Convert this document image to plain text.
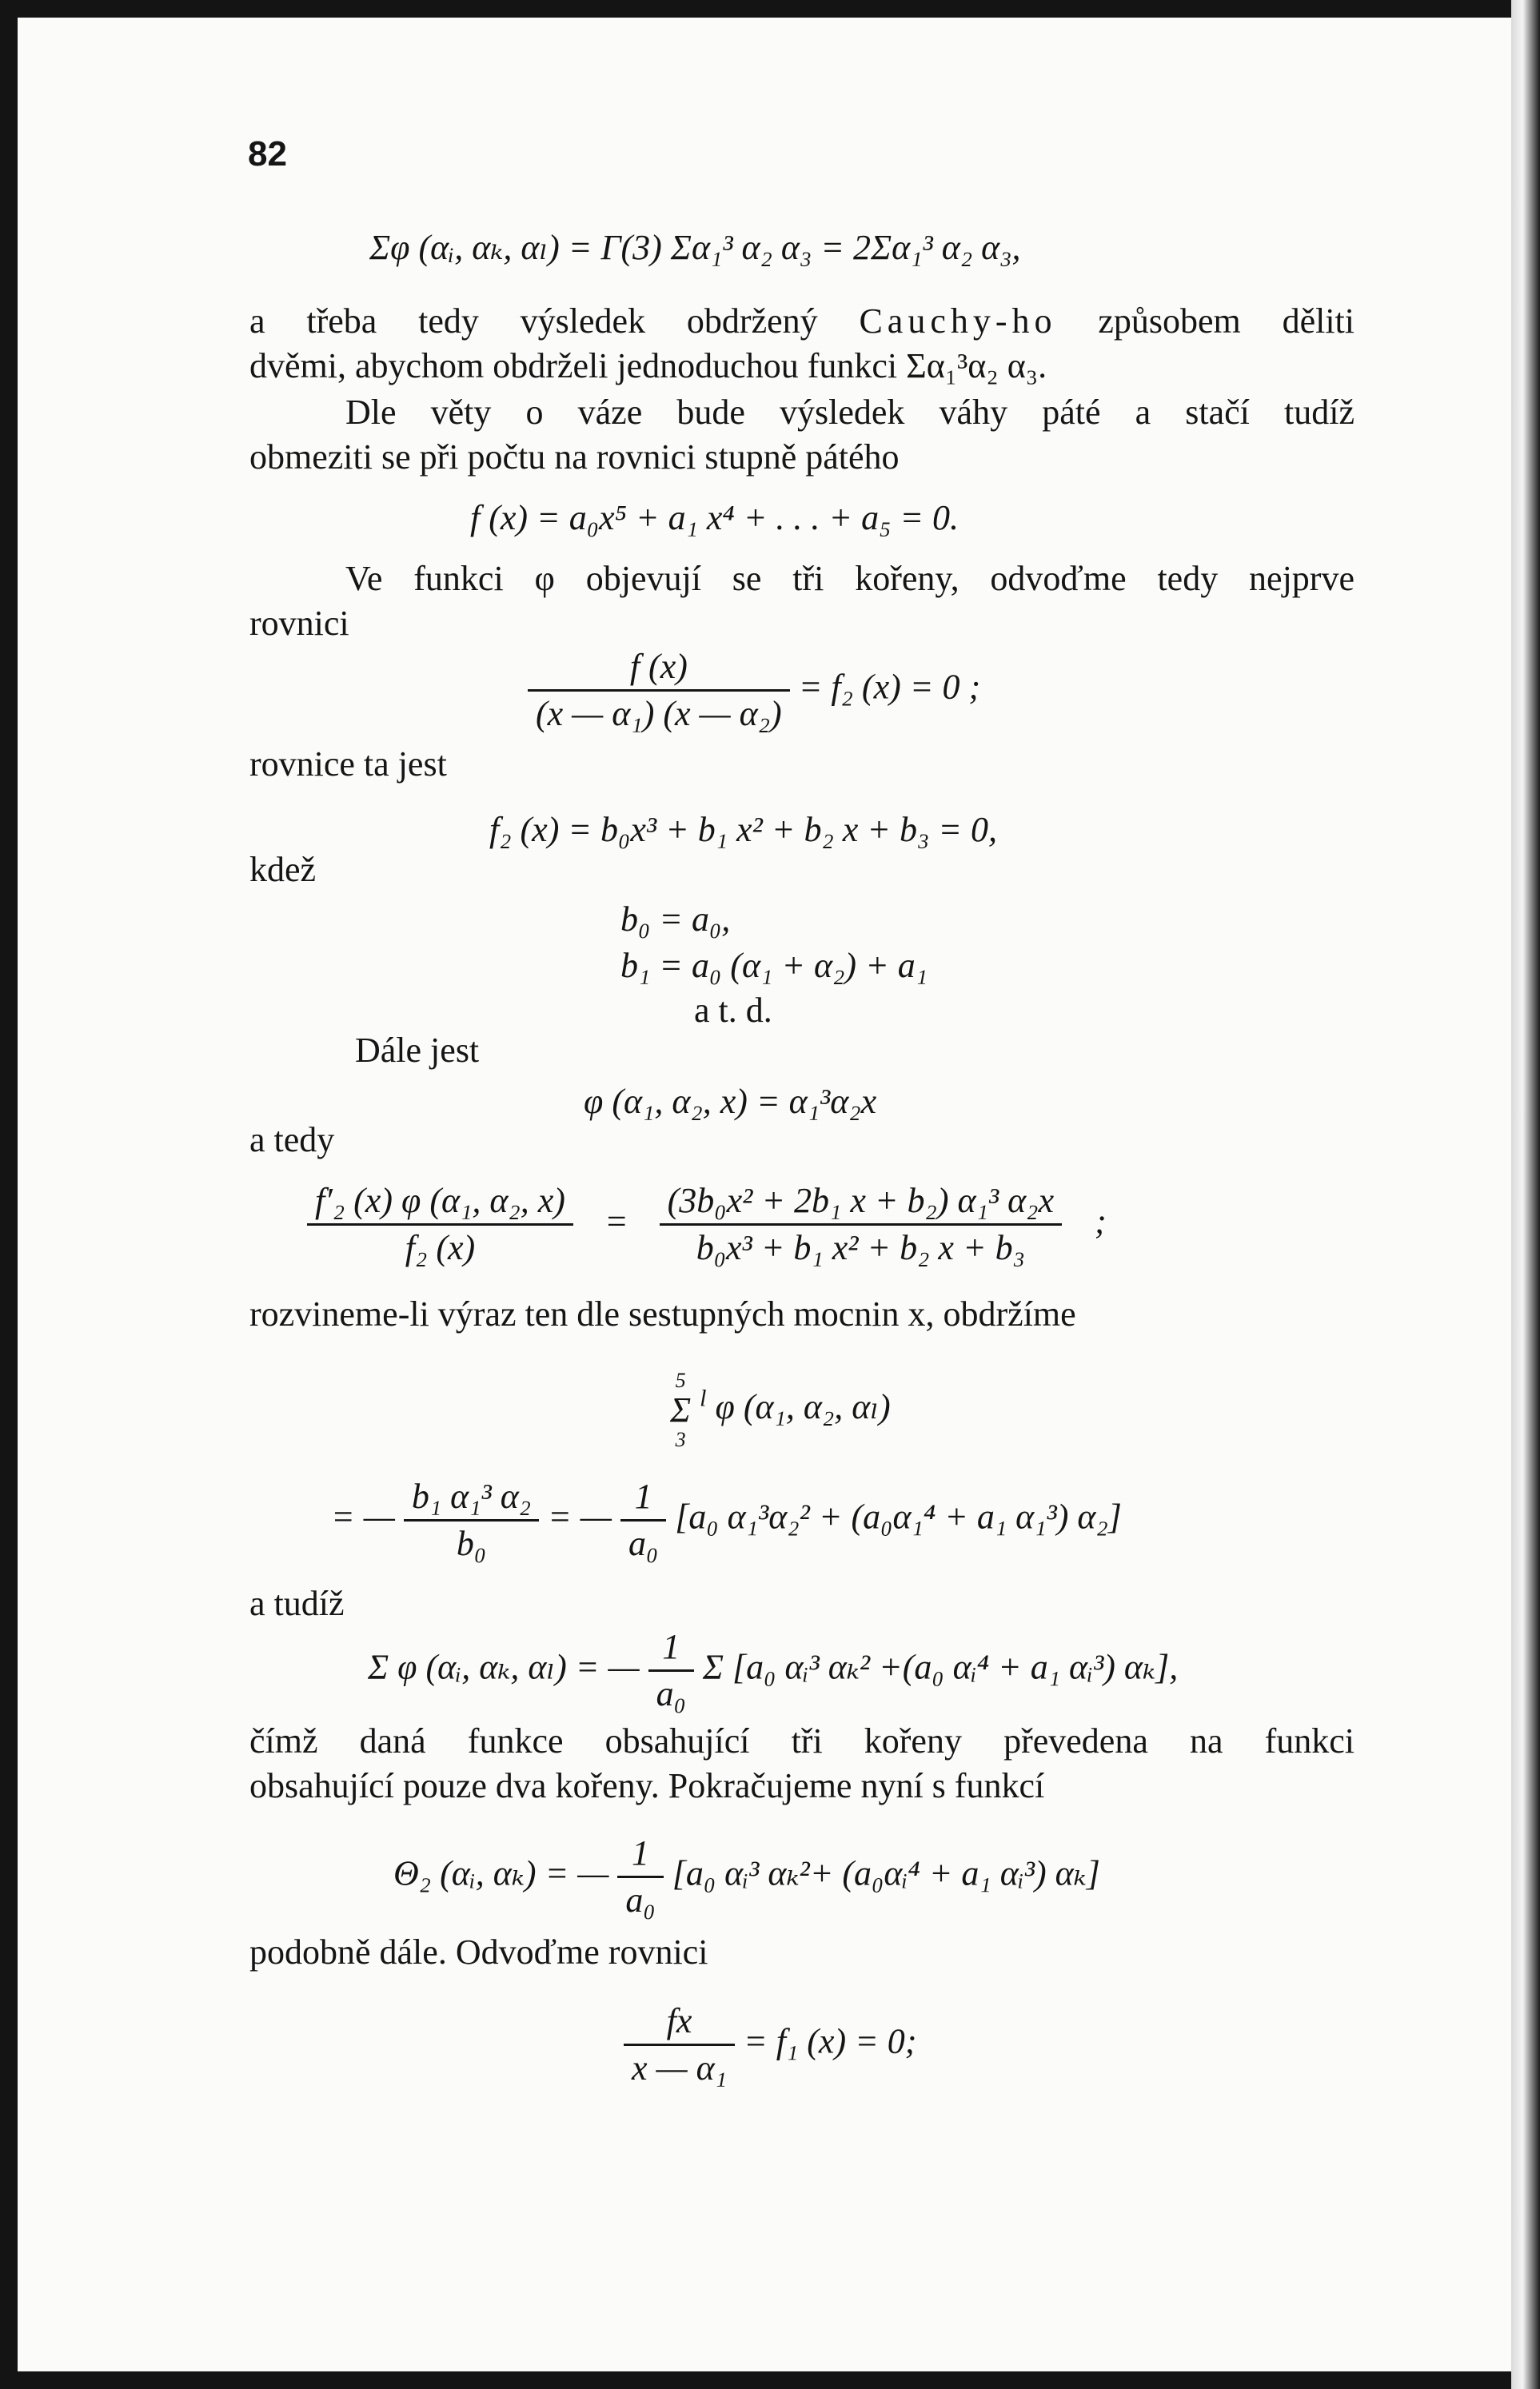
82
Σφ (αᵢ, αₖ, αₗ) = Γ(3) Σα₁³ α₂ α₃ = 2Σα₁³ α₂ α₃,
a třeba tedy výsledek obdržený Cauchy-ho způsobem děliti
dvěmi, abychom obdrželi jednoduchou funkci Σα₁³α₂ α₃.
Dle věty o váze bude výsledek váhy páté a stačí tudíž
obmeziti se při počtu na rovnici stupně pátého
f (x) = a₀x⁵ + a₁ x⁴ + . . . + a₅ = 0.
Ve funkci φ objevují se tři kořeny, odvoďme tedy nejprve
rovnici
$\frac{f (x)}{\text{(x — α₁) (x — α₂)}} = f_2$ (x) = 0 ;
rovnice ta jest
f₂ (x) = b₀x³ + b₁ x² + b₂ x + b₃ = 0,
kdež
b₀ = a₀,
b₁ = a₀ (α₁ + α₂) + a₁
a t. d.
Dále jest
φ (α₁, α₂, x) = α₁³α₂x
a tedy
$\frac{\text{f′₂ (x) φ (α₁, α₂, x)}}{\text{f₂ (x)}} = \frac{\text{(3b₀x² + 2b₁ x + b₂) α₁³ α₂x}}{\text{b₀x³ + b₁ x² + b₂ x + b₃}}$ ;
rozvineme-li výraz ten dle sestupných mocnin x, obdržíme
5
Σ
3
$^l$ φ (α₁, α₂, αₗ)
= — $\frac{\text{b₁ α₁³ α₂}}{\text{b₀}}$ = — $\frac{1}{\text{a₀}} [a_0$ α₁³α₂² + (a₀α₁⁴ + a₁ α₁³) α₂]
a tudíž
Σ φ (αᵢ, αₖ, αₗ) = — $\frac{1}{\text{a₀}}$ Σ [a₀ αᵢ³ αₖ² +(a₀ αᵢ⁴ + a₁ αᵢ³) αₖ],
čímž daná funkce obsahující tři kořeny převedena na funkci
obsahující pouze dva kořeny. Pokračujeme nyní s funkcí
Θ₂ (αᵢ, αₖ) = — $\frac{1}{\text{a₀}} [a_0$ αᵢ³ αₖ²+ (a₀αᵢ⁴ + a₁ αᵢ³) αₖ]
podobně dále. Odvoďme rovnici
$\frac{fx}{\text{x — α₁}} = f_1$ (x) = 0;
